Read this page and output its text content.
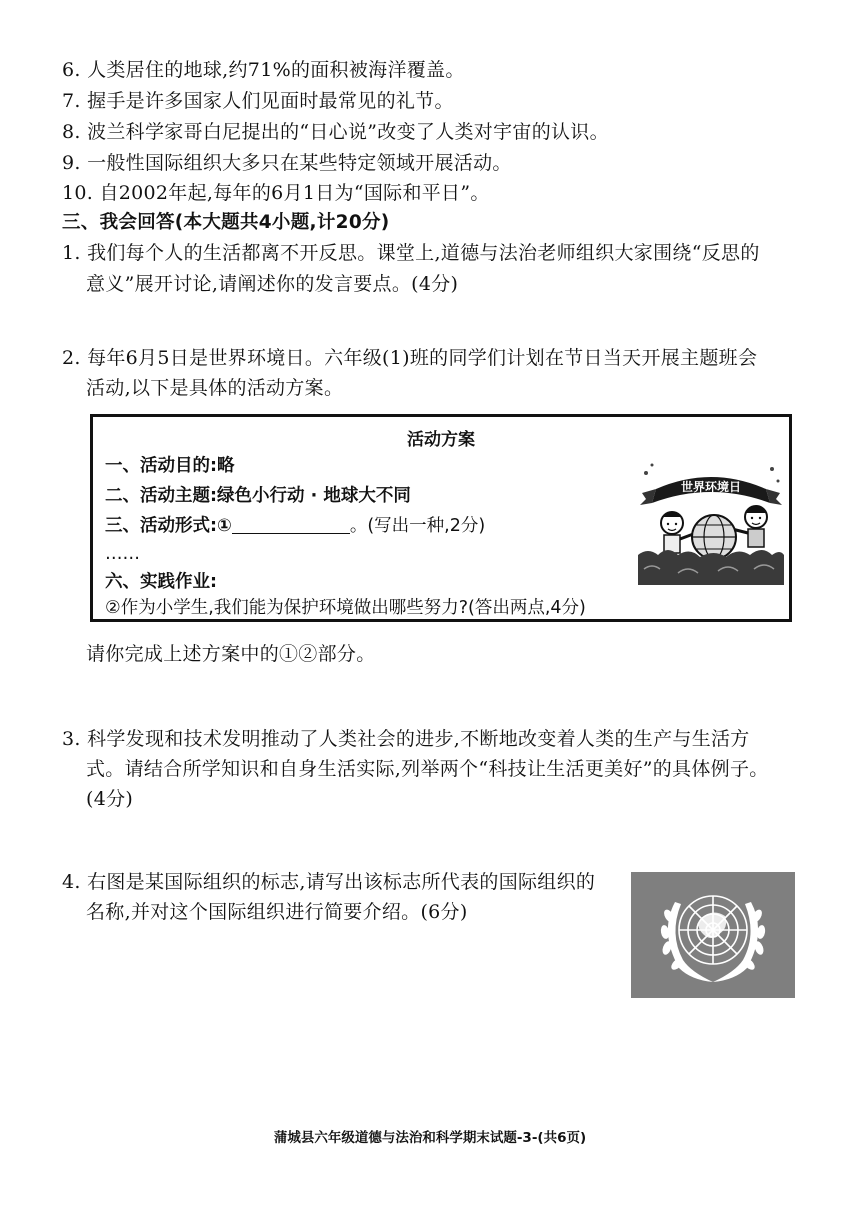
6. 人类居住的地球,约71%的面积被海洋覆盖。
7. 握手是许多国家人们见面时最常见的礼节。
8. 波兰科学家哥白尼提出的“日心说”改变了人类对宇宙的认识。
9. 一般性国际组织大多只在某些特定领域开展活动。
10. 自2002年起,每年的6月1日为“国际和平日”。
三、我会回答(本大题共4小题,计20分)
1. 我们每个人的生活都离不开反思。课堂上,道德与法治老师组织大家围绕“反思的
意义”展开讨论,请阐述你的发言要点。(4分)
2. 每年6月5日是世界环境日。六年级(1)班的同学们计划在节日当天开展主题班会
活动,以下是具体的活动方案。
活动方案
一、活动目的:略
二、活动主题:绿色小行动 · 地球大不同
三、活动形式:①	。(写出一种,2分)
……
六、实践作业:
②作为小学生,我们能为保护环境做出哪些努力?(答出两点,4分)
世界环境日
请你完成上述方案中的①②部分。
3. 科学发现和技术发明推动了人类社会的进步,不断地改变着人类的生产与生活方
式。请结合所学知识和自身生活实际,列举两个“科技让生活更美好”的具体例子。
(4分)
4. 右图是某国际组织的标志,请写出该标志所代表的国际组织的
名称,并对这个国际组织进行简要介绍。(6分)
蒲城县六年级道德与法治和科学期末试题-3-(共6页)
